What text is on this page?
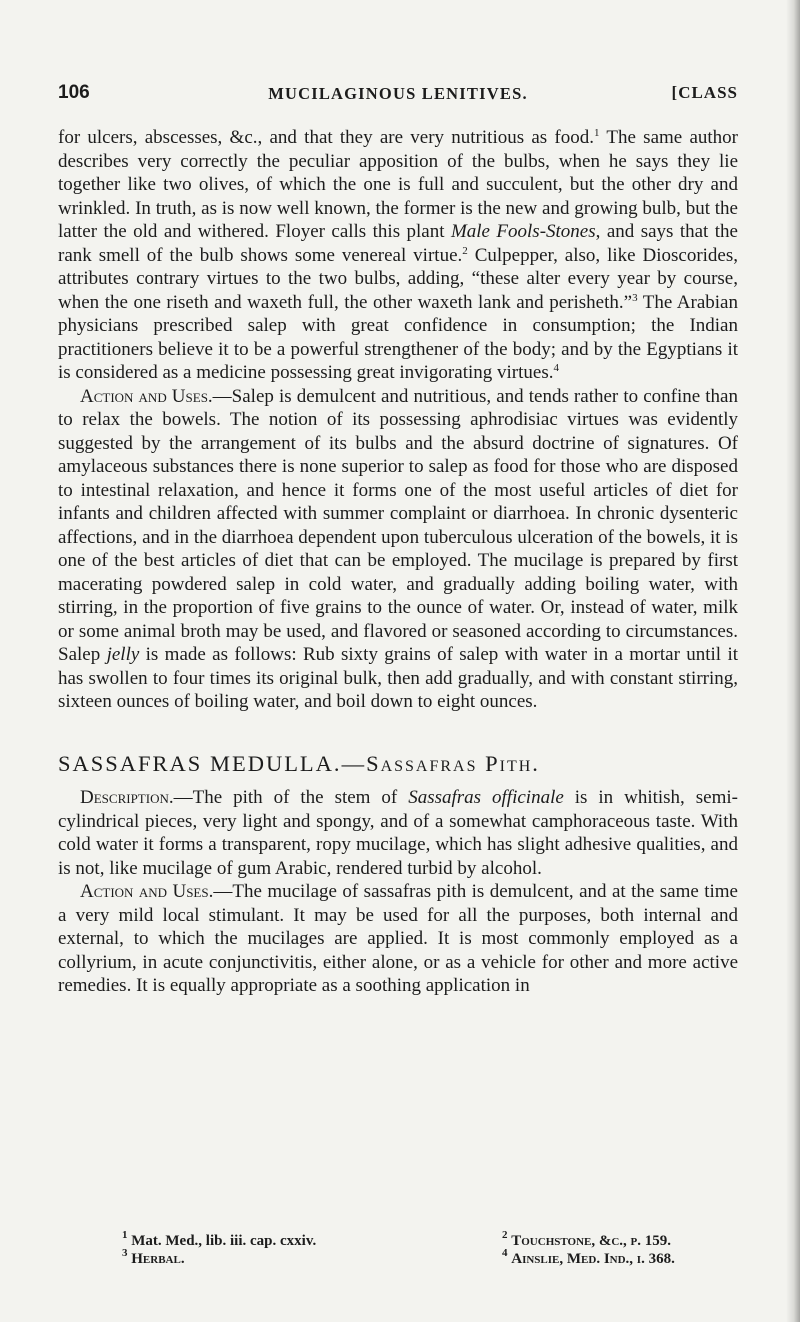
106	MUCILAGINOUS LENITIVES.	[CLASS

for ulcers, abscesses, &c., and that they are very nutritious as food.$^1$ The same author describes very correctly the peculiar apposition of the bulbs, when he says they lie together like two olives, of which the one is full and succulent, but the other dry and wrinkled. In truth, as is now well known, the former is the new and growing bulb, but the latter the old and withered. Floyer calls this plant Male Fools-Stones, and says that the rank smell of the bulb shows some venereal virtue.$^2$ Culpepper, also, like Dioscorides, attributes contrary virtues to the two bulbs, adding, “these alter every year by course, when the one riseth and waxeth full, the other waxeth lank and perisheth.”$^3$ The Arabian physicians prescribed salep with great confidence in consumption; the Indian practitioners believe it to be a powerful strengthener of the body; and by the Egyptians it is considered as a medicine possessing great invigorating virtues.$^4$

Action and Uses.—Salep is demulcent and nutritious, and tends rather to confine than to relax the bowels. The notion of its possessing aphrodisiac virtues was evidently suggested by the arrangement of its bulbs and the absurd doctrine of signatures. Of amylaceous substances there is none superior to salep as food for those who are disposed to intestinal relaxation, and hence it forms one of the most useful articles of diet for infants and children affected with summer complaint or diarrhoea. In chronic dysenteric affections, and in the diarrhoea dependent upon tuberculous ulceration of the bowels, it is one of the best articles of diet that can be employed. The mucilage is prepared by first macerating powdered salep in cold water, and gradually adding boiling water, with stirring, in the proportion of five grains to the ounce of water. Or, instead of water, milk or some animal broth may be used, and flavored or seasoned according to circumstances. Salep jelly is made as follows: Rub sixty grains of salep with water in a mortar until it has swollen to four times its original bulk, then add gradually, and with constant stirring, sixteen ounces of boiling water, and boil down to eight ounces.

SASSAFRAS MEDULLA.—Sassafras Pith.

Description.—The pith of the stem of Sassafras officinale is in whitish, semi-cylindrical pieces, very light and spongy, and of a somewhat camphoraceous taste. With cold water it forms a transparent, ropy mucilage, which has slight adhesive qualities, and is not, like mucilage of gum Arabic, rendered turbid by alcohol.

Action and Uses.—The mucilage of sassafras pith is demulcent, and at the same time a very mild local stimulant. It may be used for all the purposes, both internal and external, to which the mucilages are applied. It is most commonly employed as a collyrium, in acute conjunctivitis, either alone, or as a vehicle for other and more active remedies. It is equally appropriate as a soothing application in

$^1$ Mat. Med., lib. iii. cap. cxxiv.	$^2$ Touchstone, &c., p. 159.
$^3$ Herbal.	$^4$ Ainslie, Med. Ind., i. 368.
